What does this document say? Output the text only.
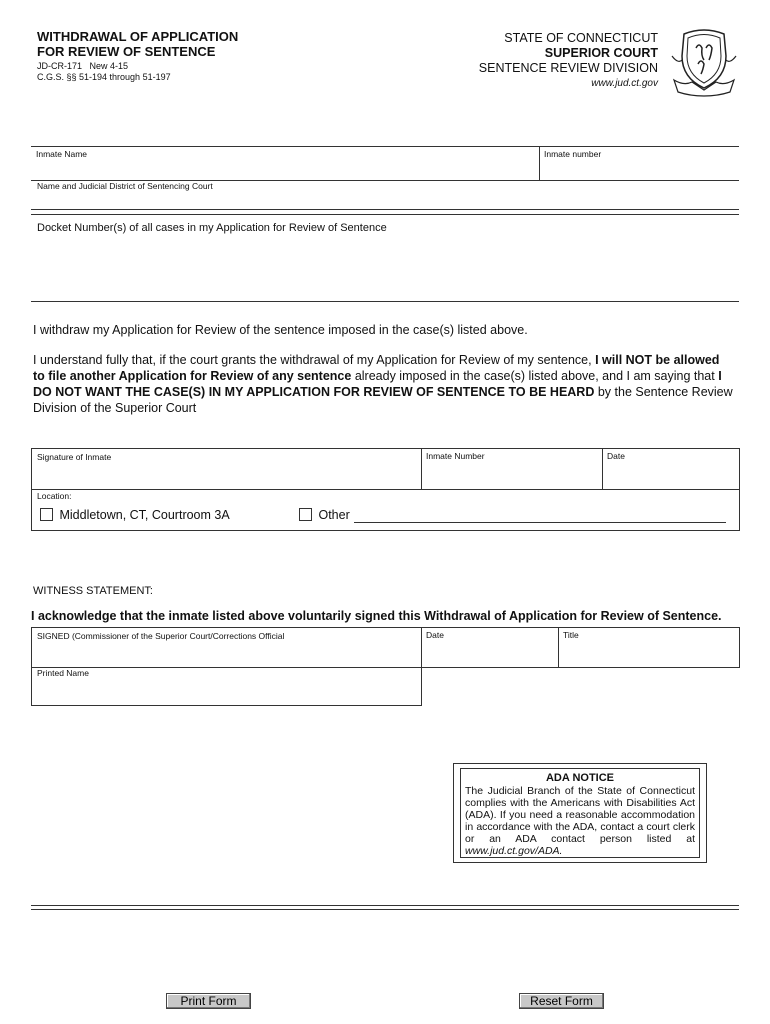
WITHDRAWAL OF APPLICATION
FOR REVIEW OF SENTENCE
JD-CR-171   New 4-15
C.G.S. §§ 51-194 through 51-197
STATE OF CONNECTICUT
SUPERIOR COURT
SENTENCE REVIEW DIVISION
www.jud.ct.gov
Inmate Name	Inmate number
Name and Judicial District of Sentencing Court
Docket Number(s) of all cases in my Application for Review of Sentence
I withdraw my Application for Review of the sentence imposed in the case(s) listed above.
I understand fully that, if the court grants the withdrawal of my Application for Review of my sentence, I will NOT be allowed to file another Application for Review of any sentence already imposed in the case(s) listed above, and I am saying that I DO NOT WANT THE CASE(S) IN MY APPLICATION FOR REVIEW OF SENTENCE TO BE HEARD by the Sentence Review Division of the Superior Court
Signature of Inmate	Inmate Number	Date
Location:
Middletown, CT, Courtroom 3A	Other
WITNESS STATEMENT:
I acknowledge that the inmate listed above voluntarily signed this Withdrawal of Application for Review of Sentence.
SIGNED (Commissioner of the Superior Court/Corrections Official	Date	Title
Printed Name
ADA NOTICE
The Judicial Branch of the State of Connecticut complies with the Americans with Disabilities Act (ADA). If you need a reasonable accommodation in accordance with the ADA, contact a court clerk or an ADA contact person listed at www.jud.ct.gov/ADA.
Print Form	Reset Form
